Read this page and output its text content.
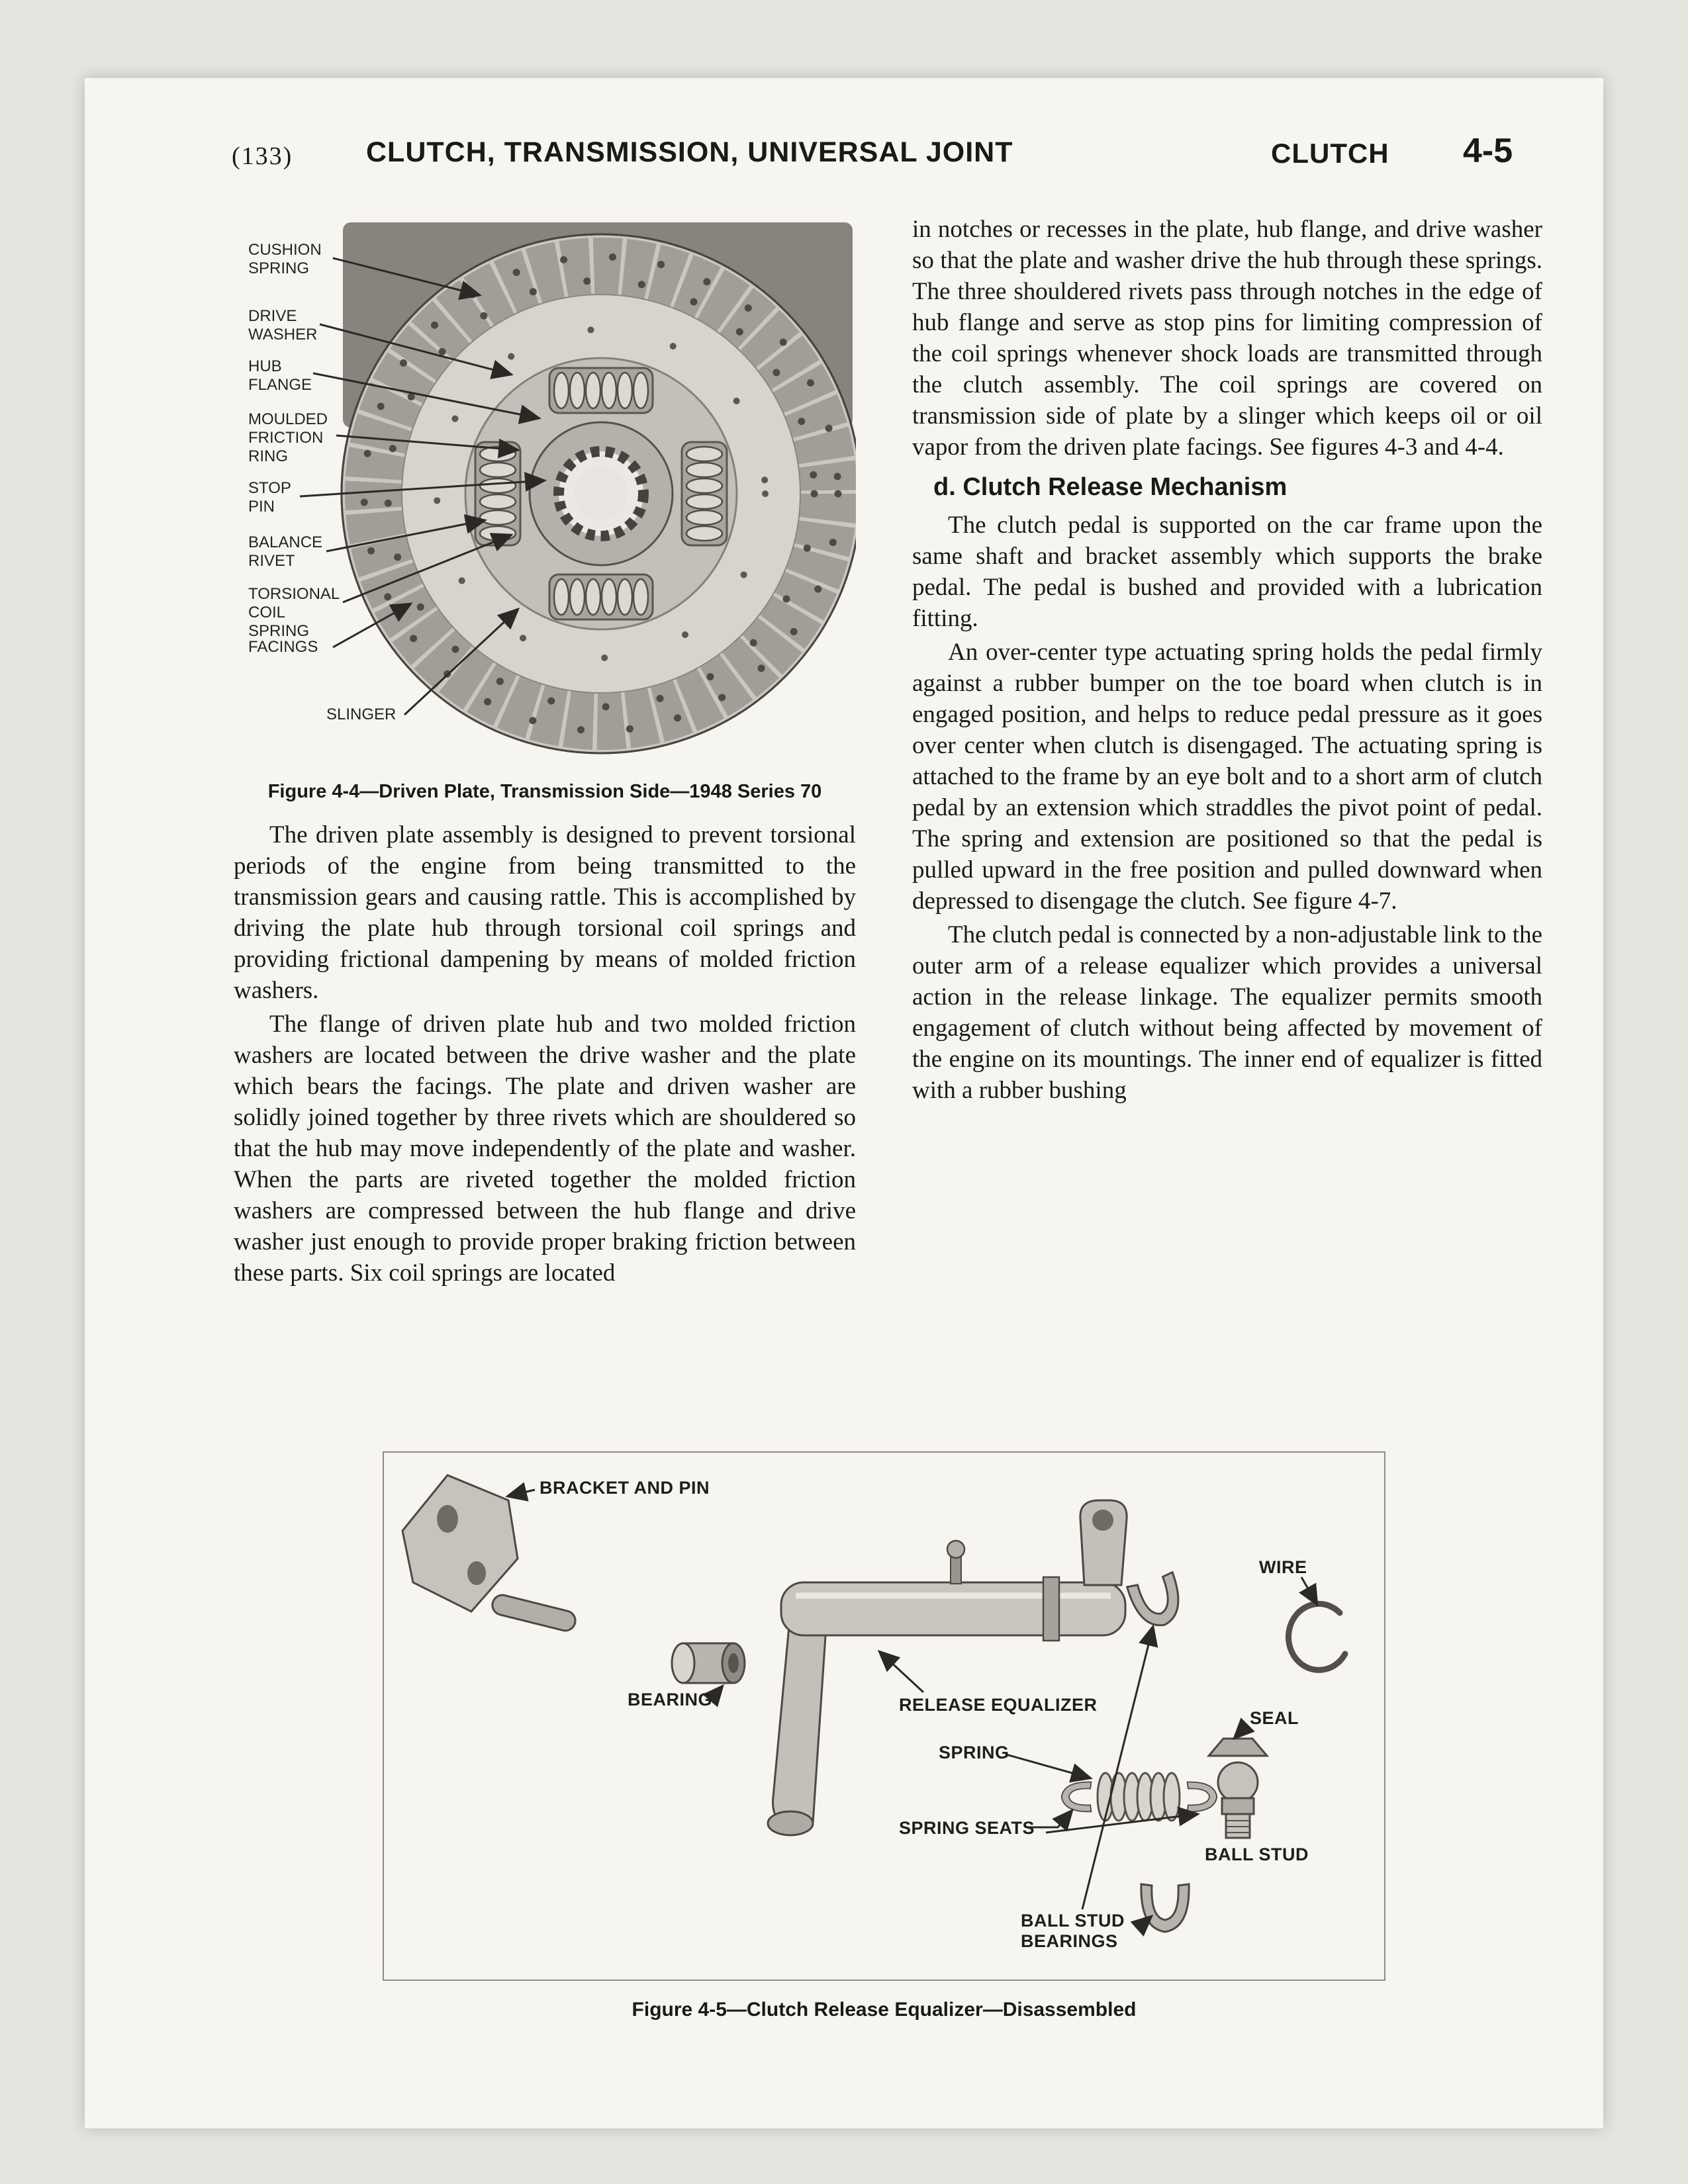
(133)	CLUTCH, TRANSMISSION, UNIVERSAL JOINT	CLUTCH 4-5
CUSHION SPRING
DRIVE WASHER
HUB FLANGE
MOULDED FRICTION RING
STOP PIN
BALANCE RIVET
TORSIONAL COIL SPRING
FACINGS
SLINGER
Figure 4-4—Driven Plate, Transmission Side—1948 Series 70

The driven plate assembly is designed to prevent torsional periods of the engine from being transmitted to the transmission gears and causing rattle. This is accomplished by driving the plate hub through torsional coil springs and providing frictional dampening by means of molded friction washers.

The flange of driven plate hub and two molded friction washers are located between the drive washer and the plate which bears the facings. The plate and driven washer are solidly joined together by three rivets which are shouldered so that the hub may move independently of the plate and washer. When the parts are riveted together the molded friction washers are compressed between the hub flange and drive washer just enough to provide proper braking friction between these parts. Six coil springs are located

in notches or recesses in the plate, hub flange, and drive washer so that the plate and washer drive the hub through these springs. The three shouldered rivets pass through notches in the edge of hub flange and serve as stop pins for limiting compression of the coil springs whenever shock loads are transmitted through the clutch assembly. The coil springs are covered on transmission side of plate by a slinger which keeps oil or oil vapor from the driven plate facings. See figures 4-3 and 4-4.

d. Clutch Release Mechanism

The clutch pedal is supported on the car frame upon the same shaft and bracket assembly which supports the brake pedal. The pedal is bushed and provided with a lubrication fitting.

An over-center type actuating spring holds the pedal firmly against a rubber bumper on the toe board when clutch is in engaged position, and helps to reduce pedal pressure as it goes over center when clutch is disengaged. The actuating spring is attached to the frame by an eye bolt and to a short arm of clutch pedal by an extension which straddles the pivot point of pedal. The spring and extension are positioned so that the pedal is pulled upward in the free position and pulled downward when depressed to disengage the clutch. See figure 4-7.

The clutch pedal is connected by a non-adjustable link to the outer arm of a release equalizer which provides a universal action in the release linkage. The equalizer permits smooth engagement of clutch without being affected by movement of the engine on its mountings. The inner end of equalizer is fitted with a rubber bushing

BRACKET AND PIN
BEARING	RELEASE EQUALIZER
SPRING
SPRING SEATS
WIRE
SEAL
BALL STUD
BALL STUD BEARINGS
Figure 4-5—Clutch Release Equalizer—Disassembled
